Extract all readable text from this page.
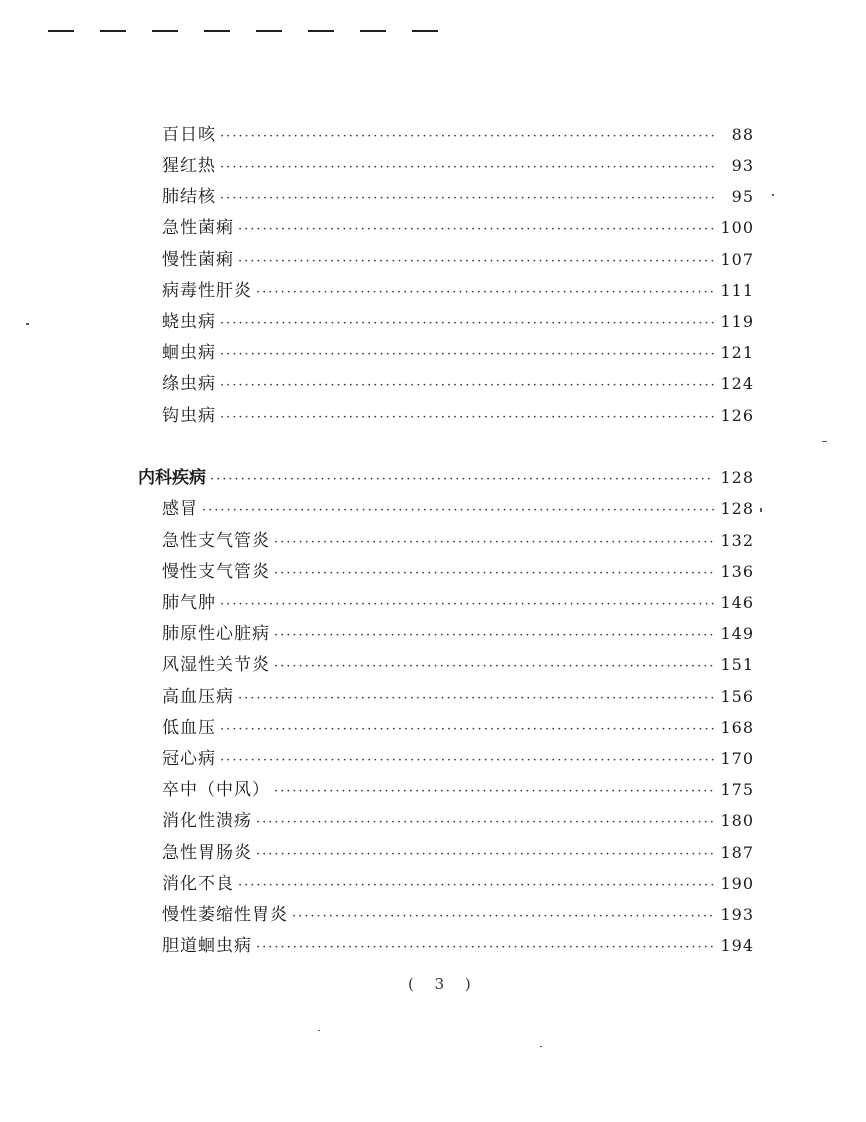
百日咳 ·····	88
猩红热 ·····	93
肺结核 ·····	95
急性菌痢 ·····	100
慢性菌痢 ·····	107
病毒性肝炎 ·····	111
蛲虫病 ·····	119
蛔虫病 ·····	121
绦虫病 ·····	124
钩虫病 ·····	126
内科疾病 ·····	128
感冒 ·····	128
急性支气管炎 ·····	132
慢性支气管炎 ·····	136
肺气肿 ·····	146
肺原性心脏病 ·····	149
风湿性关节炎 ·····	151
高血压病 ·····	156
低血压 ·····	168
冠心病 ·····	170
卒中（中风） ·····	175
消化性溃疡 ·····	180
急性胃肠炎 ·····	187
消化不良 ·····	190
慢性萎缩性胃炎 ·····	193
胆道蛔虫病 ·····	194
( 3 )
